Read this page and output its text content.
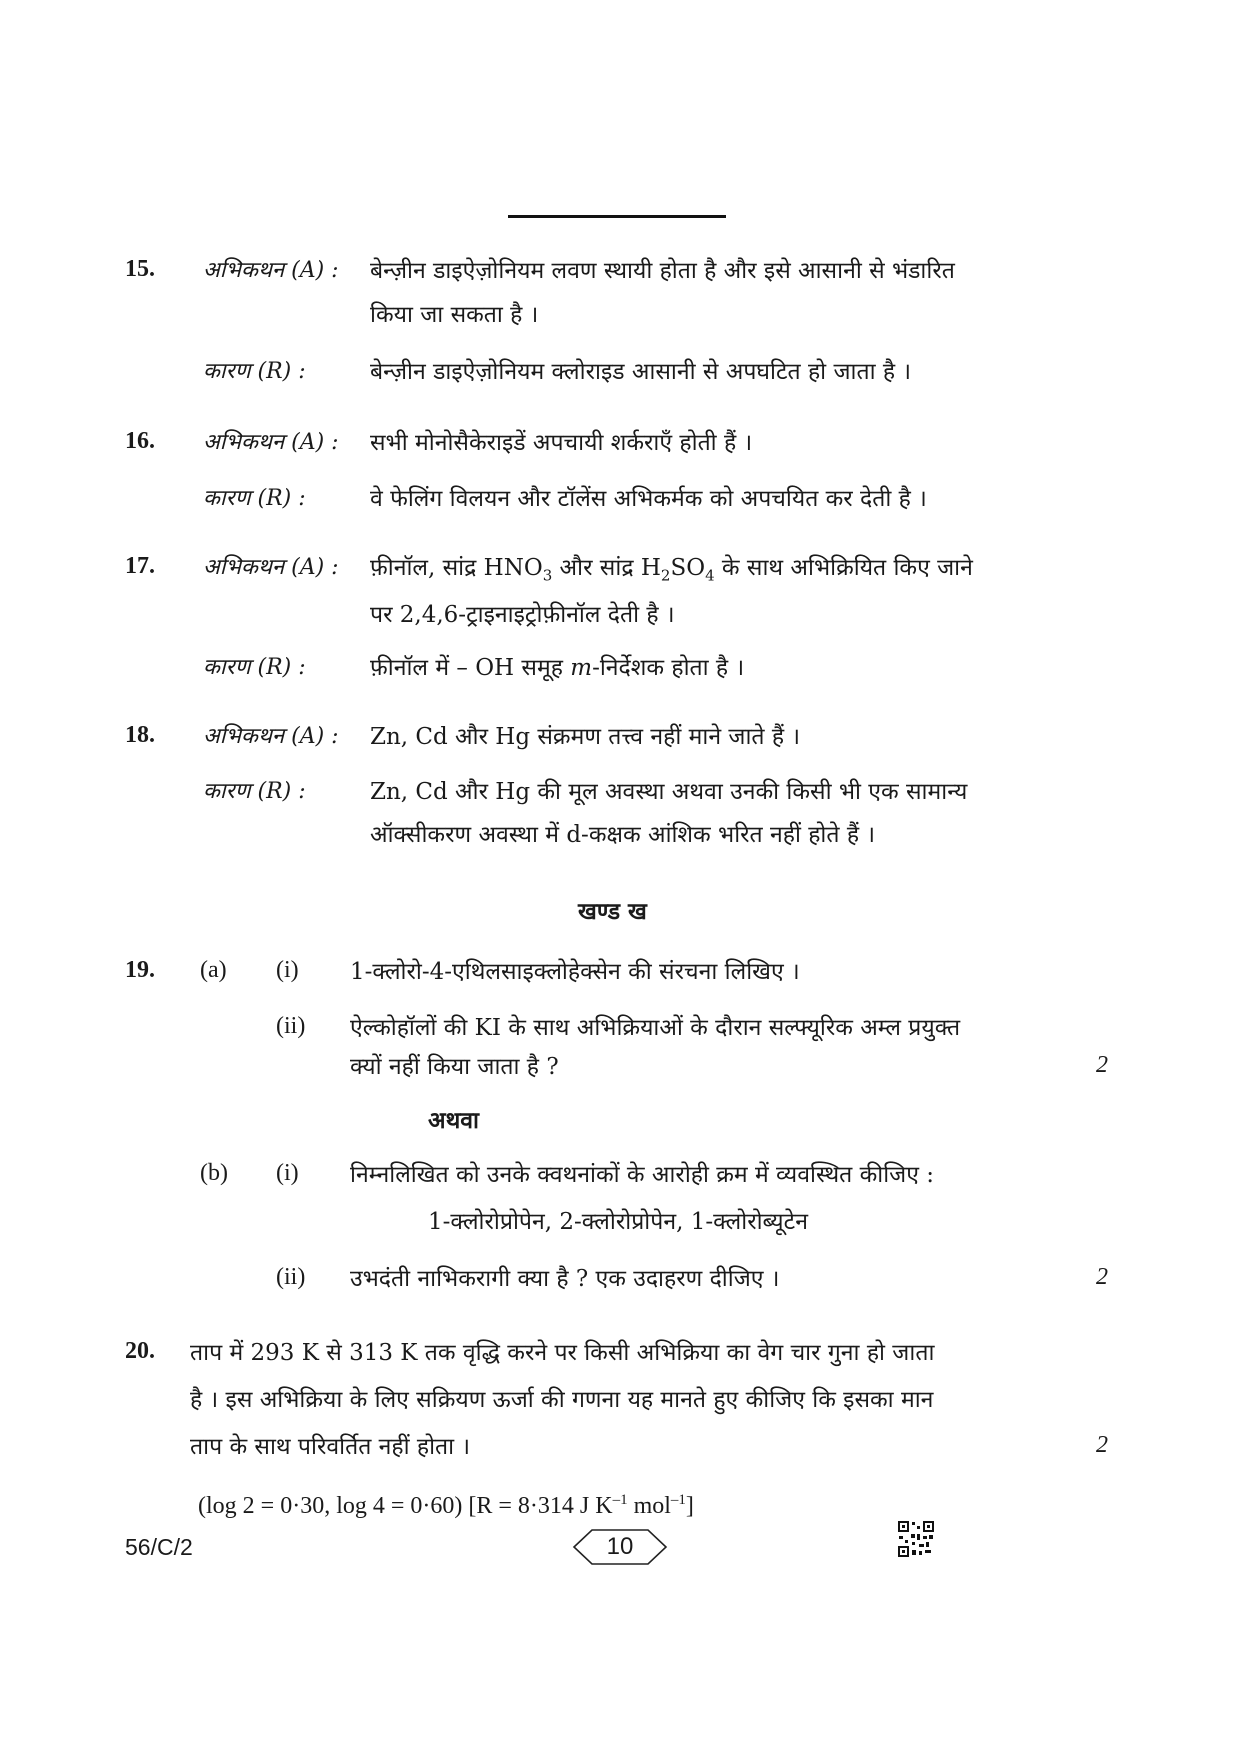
15. अभिकथन (A) : बेन्ज़ीन डाइऐज़ोनियम लवण स्थायी होता है और इसे आसानी से भंडारित
किया जा सकता है ।
कारण (R) :	बेन्ज़ीन डाइऐज़ोनियम क्लोराइड आसानी से अपघटित हो जाता है ।
16. अभिकथन (A) : सभी मोनोसैकेराइडें अपचायी शर्कराएँ होती हैं ।
कारण (R) :	वे फेलिंग विलयन और टॉलेंस अभिकर्मक को अपचयित कर देती है ।
17. अभिकथन (A) : फ़ीनॉल, सांद्र $HNO_3$ और सांद्र $H_2SO_4$ के साथ अभिक्रियित किए जाने
पर 2,4,6-ट्राइनाइट्रोफ़ीनॉल देती है ।
कारण (R) :	फ़ीनॉल में – OH समूह m-निर्देशक होता है ।
18. अभिकथन (A) : Zn, Cd और Hg संक्रमण तत्त्व नहीं माने जाते हैं ।
कारण (R) :	Zn, Cd और Hg की मूल अवस्था अथवा उनकी किसी भी एक सामान्य
ऑक्सीकरण अवस्था में d-कक्षक आंशिक भरित नहीं होते हैं ।
खण्ड ख
19. (a) (i) 1-क्लोरो-4-एथिलसाइक्लोहेक्सेन की संरचना लिखिए ।
(ii) ऐल्कोहॉलों की KI के साथ अभिक्रियाओं के दौरान सल्फ्यूरिक अम्ल प्रयुक्त
क्यों नहीं किया जाता है ?	2
अथवा
(b) (i) निम्नलिखित को उनके क्वथनांकों के आरोही क्रम में व्यवस्थित कीजिए :
1-क्लोरोप्रोपेन, 2-क्लोरोप्रोपेन, 1-क्लोरोब्यूटेन
(ii) उभदंती नाभिकरागी क्या है ? एक उदाहरण दीजिए ।	2
20. ताप में 293 K से 313 K तक वृद्धि करने पर किसी अभिक्रिया का वेग चार गुना हो जाता
है । इस अभिक्रिया के लिए सक्रियण ऊर्जा की गणना यह मानते हुए कीजिए कि इसका मान
ताप के साथ परिवर्तित नहीं होता ।	2
(log 2 = 0·30, log 4 = 0·60) [R = 8·314 J $K^{-1}$ mol$^{-1}$]
56/C/2	10
